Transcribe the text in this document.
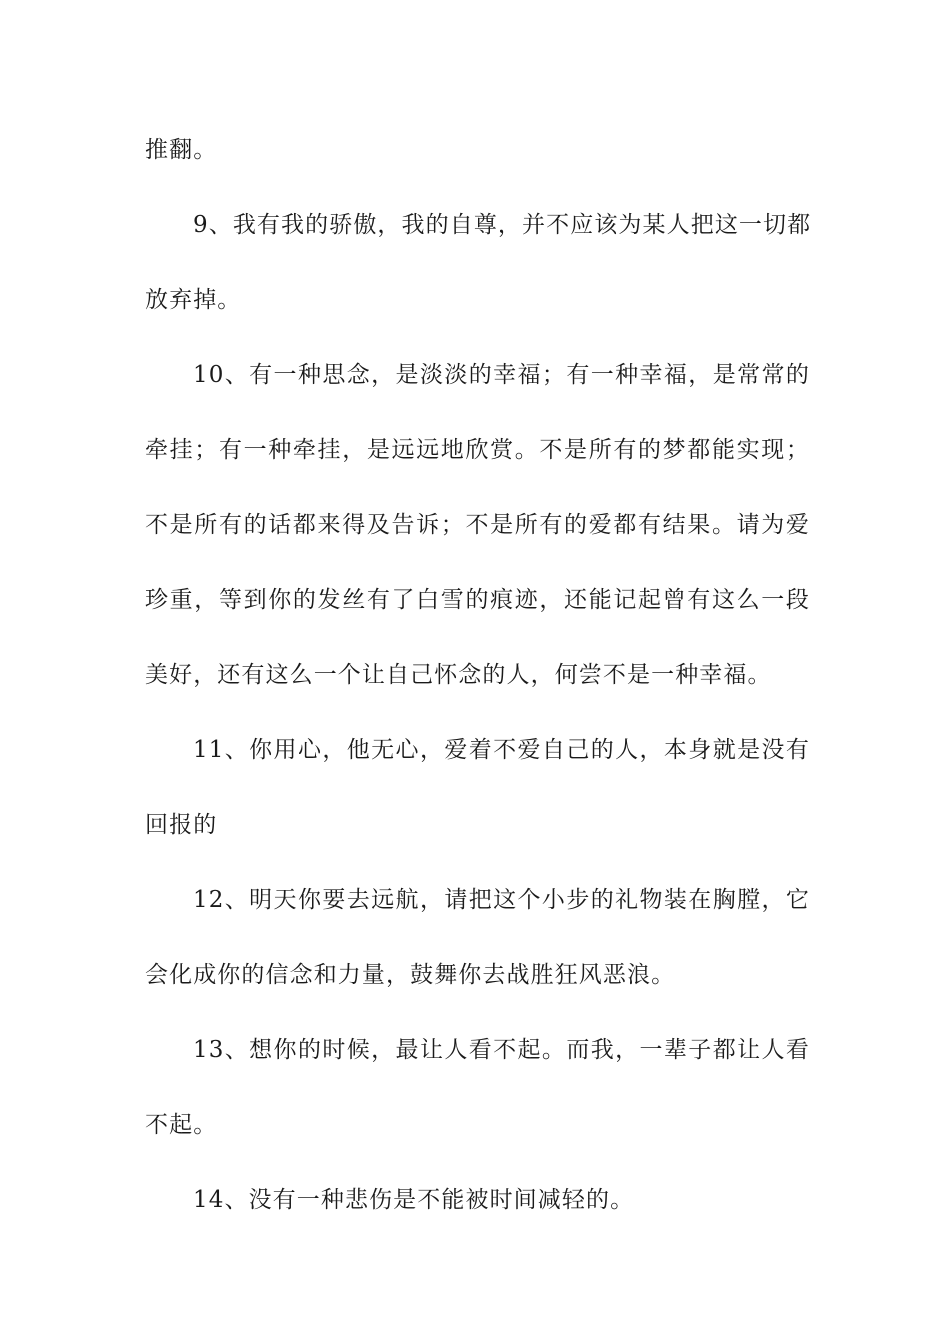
推翻。
9、我有我的骄傲，我的自尊，并不应该为某人把这一切都
放弃掉。
10、有一种思念，是淡淡的幸福；有一种幸福，是常常的
牵挂；有一种牵挂，是远远地欣赏。不是所有的梦都能实现；
不是所有的话都来得及告诉；不是所有的爱都有结果。请为爱
珍重，等到你的发丝有了白雪的痕迹，还能记起曾有这么一段
美好，还有这么一个让自己怀念的人，何尝不是一种幸福。
11、你用心，他无心，爱着不爱自己的人，本身就是没有
回报的
12、明天你要去远航，请把这个小步的礼物装在胸膛，它
会化成你的信念和力量，鼓舞你去战胜狂风恶浪。
13、想你的时候，最让人看不起。而我，一辈子都让人看
不起。
14、没有一种悲伤是不能被时间减轻的。
